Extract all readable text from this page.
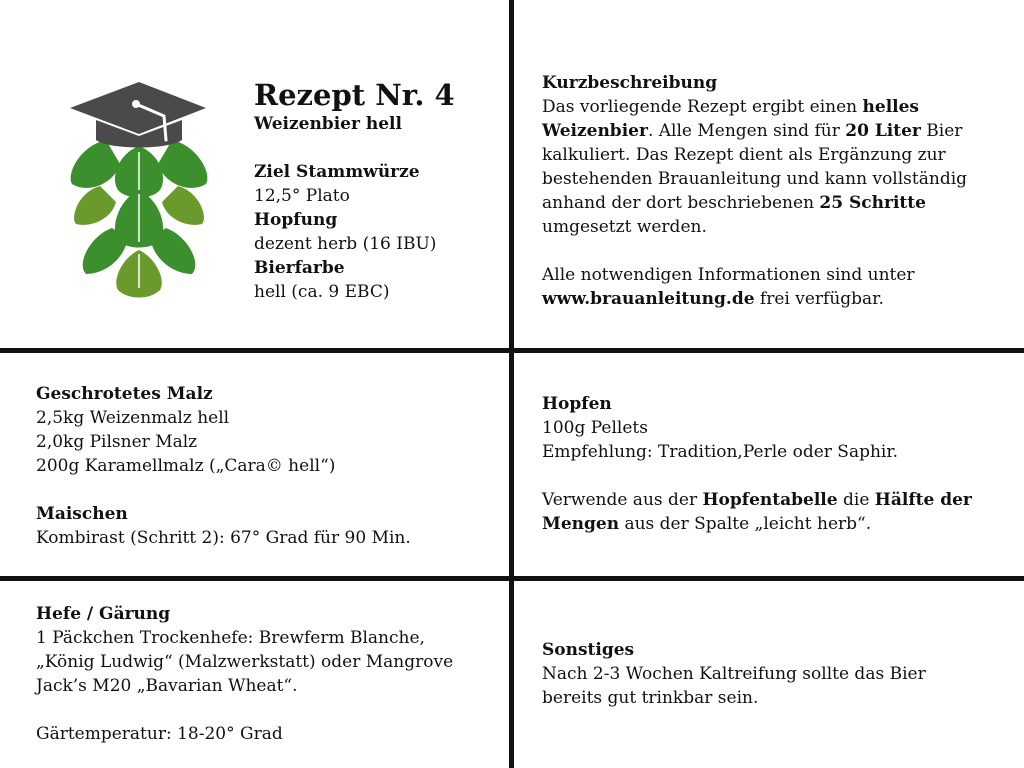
Rezept Nr. 4
Weizenbier hell
Ziel Stammwürze
12,5° Plato
Hopfung
dezent herb (16 IBU)
Bierfarbe
hell (ca. 9 EBC)
Kurzbeschreibung
Das vorliegende Rezept ergibt einen helles Weizenbier. Alle Mengen sind für 20 Liter Bier kalkuliert. Das Rezept dient als Ergänzung zur bestehenden Brauanleitung und kann vollständig anhand der dort beschriebenen 25 Schritte umgesetzt werden.
Alle notwendigen Informationen sind unter www.brauanleitung.de frei verfügbar.
Geschrotetes Malz
2,5kg Weizenmalz hell
2,0kg Pilsner Malz
200g Karamellmalz („Cara© hell“)
Maischen
Kombirast (Schritt 2): 67° Grad für 90 Min.
Hopfen
100g Pellets
Empfehlung: Tradition,Perle oder Saphir.
Verwende aus der Hopfentabelle die Hälfte der Mengen aus der Spalte „leicht herb“.
Hefe / Gärung
1 Päckchen Trockenhefe: Brewferm Blanche, „König Ludwig“ (Malzwerkstatt) oder Mangrove Jack’s M20 „Bavarian Wheat“.
Gärtemperatur: 18-20° Grad
Sonstiges
Nach 2-3 Wochen Kaltreifung sollte das Bier bereits gut trinkbar sein.
